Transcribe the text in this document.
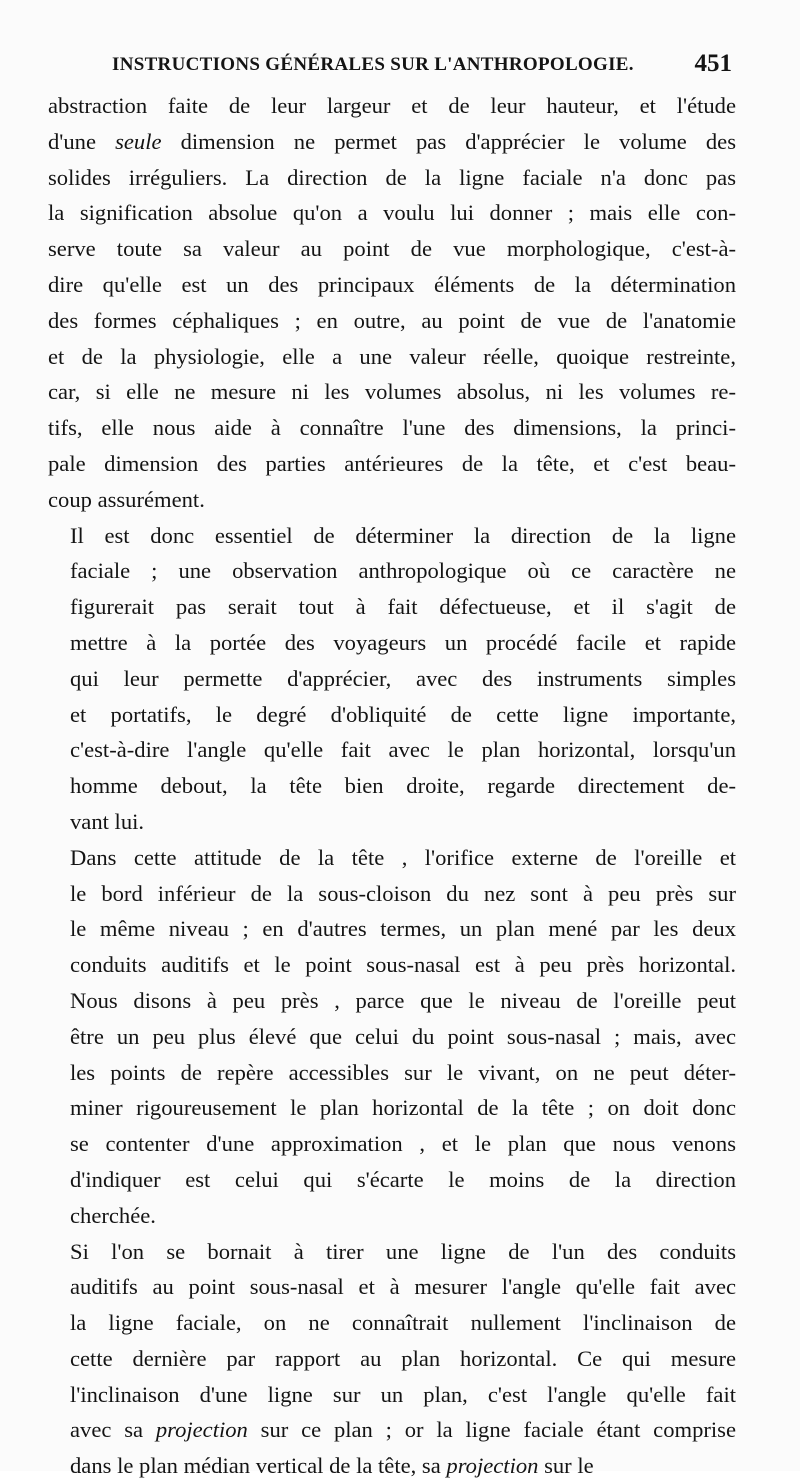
INSTRUCTIONS GÉNÉRALES SUR L'ANTHROPOLOGIE. 451
abstraction faite de leur largeur et de leur hauteur, et l'étude
d'une seule dimension ne permet pas d'apprécier le volume des
solides irréguliers. La direction de la ligne faciale n'a donc pas
la signification absolue qu'on a voulu lui donner ; mais elle con-
serve toute sa valeur au point de vue morphologique, c'est-à-
dire qu'elle est un des principaux éléments de la détermination
des formes céphaliques ; en outre, au point de vue de l'anatomie
et de la physiologie, elle a une valeur réelle, quoique restreinte,
car, si elle ne mesure ni les volumes absolus, ni les volumes re-
tifs, elle nous aide à connaître l'une des dimensions, la princi-
pale dimension des parties antérieures de la tête, et c'est beau-
coup assurément.
Il est donc essentiel de déterminer la direction de la ligne
faciale ; une observation anthropologique où ce caractère ne
figurerait pas serait tout à fait défectueuse, et il s'agit de
mettre à la portée des voyageurs un procédé facile et rapide
qui leur permette d'apprécier, avec des instruments simples
et portatifs, le degré d'obliquité de cette ligne importante,
c'est-à-dire l'angle qu'elle fait avec le plan horizontal, lorsqu'un
homme debout, la tête bien droite, regarde directement de-
vant lui.
Dans cette attitude de la tête , l'orifice externe de l'oreille et
le bord inférieur de la sous-cloison du nez sont à peu près sur
le même niveau ; en d'autres termes, un plan mené par les deux
conduits auditifs et le point sous-nasal est à peu près horizontal.
Nous disons à peu près , parce que le niveau de l'oreille peut
être un peu plus élevé que celui du point sous-nasal ; mais, avec
les points de repère accessibles sur le vivant, on ne peut déter-
miner rigoureusement le plan horizontal de la tête ; on doit donc
se contenter d'une approximation , et le plan que nous venons
d'indiquer est celui qui s'écarte le moins de la direction
cherchée.
Si l'on se bornait à tirer une ligne de l'un des conduits
auditifs au point sous-nasal et à mesurer l'angle qu'elle fait avec
la ligne faciale, on ne connaîtrait nullement l'inclinaison de
cette dernière par rapport au plan horizontal. Ce qui mesure
l'inclinaison d'une ligne sur un plan, c'est l'angle qu'elle fait
avec sa projection sur ce plan ; or la ligne faciale étant comprise
dans le plan médian vertical de la tête, sa projection sur le
